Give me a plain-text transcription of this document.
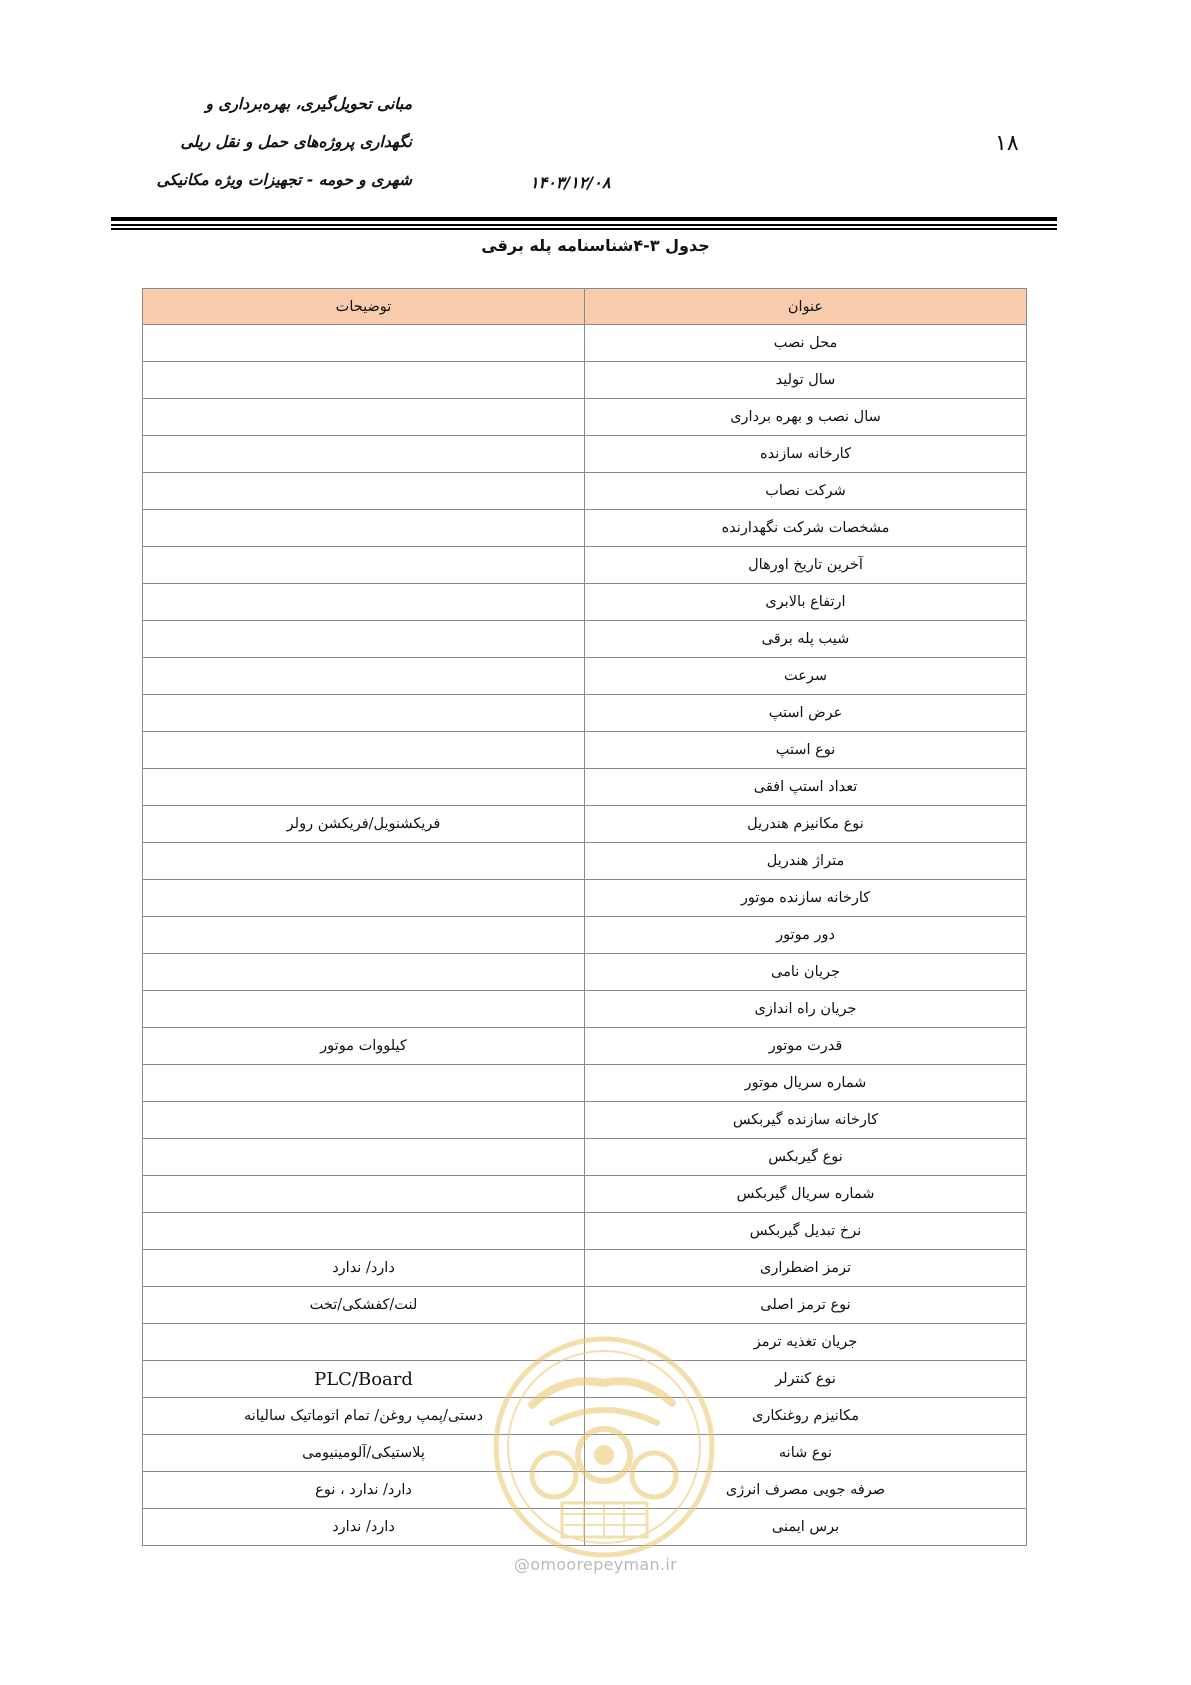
۱۸
مبانی تحویل‌گیری، بهره‌برداری و
نگهداری پروژه‌های حمل و نقل ریلی
شهری و حومه - تجهیزات ویژه مکانیکی	۱۴۰۳/۱۲/۰۸
جدول ۳-۴شناسنامه پله برقی
عنوان	توضیحات
محل نصب	
سال تولید	
سال نصب و بهره برداری	
کارخانه سازنده	
شرکت نصاب	
مشخصات شرکت نگهدارنده	
آخرین تاریخ اورهال	
ارتفاع بالابری	
شیب پله برقی	
سرعت	
عرض استپ	
نوع استپ	
تعداد استپ افقی	
نوع مکانیزم هندریل	فریکشنویل/فریکشن رولر
متراژ هندریل	
کارخانه سازنده موتور	
دور موتور	
جریان نامی	
جریان راه اندازی	
قدرت موتور	کیلووات موتور
شماره سریال موتور	
کارخانه سازنده گیربکس	
نوع گیربکس	
شماره سریال گیربکس	
نرخ تبدیل گیربکس	
ترمز اضطراری	دارد/ ندارد
نوع ترمز اصلی	لنت/کفشکی/تخت
جریان تغذیه ترمز	
نوع کنترلر	PLC/Board
مکانیزم روغنکاری	دستی/پمپ روغن/ تمام اتوماتیک سالیانه
نوع شانه	پلاستیکی/آلومینیومی
صرفه جویی مصرف انرژی	دارد/ ندارد ، نوع
برس ایمنی	دارد/ ندارد
@omoorepeyman.ir
